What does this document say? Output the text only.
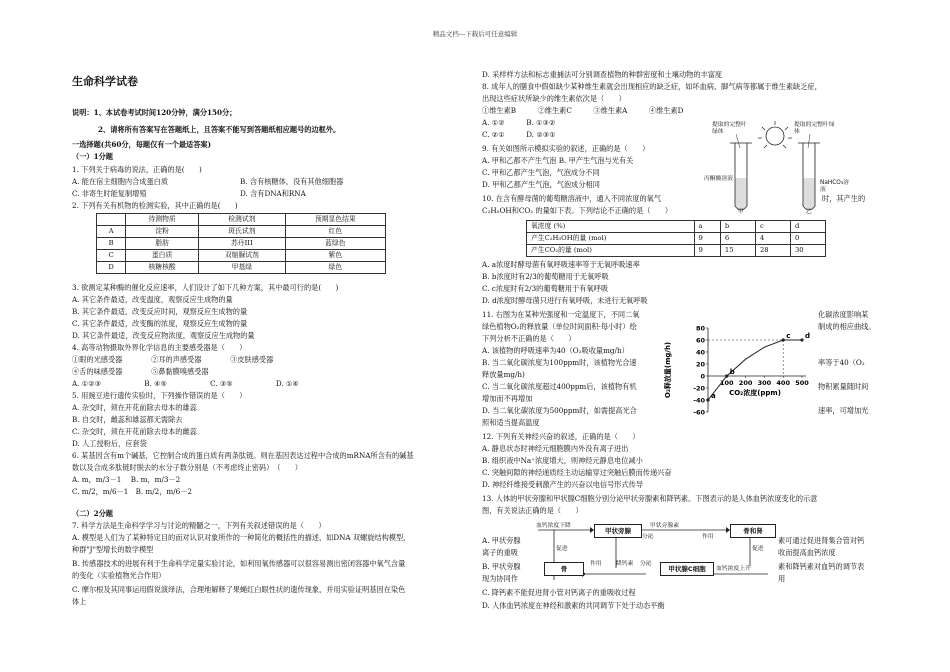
精品文档---下载后可任意编辑
生命科学试卷
说明：1、本试卷考试时间120分钟，满分150分；
2、请将所有答案写在答题纸上，且答案不能写到答题纸相应题号的边框外。
一选择题(共60分，每题仅有一个最适答案)
（一）1分题
1. 下列关于病毒的说法，正确的是(　　)
A. 能在宿主细胞内合成蛋白质	B. 含有核糖体，没有其他细胞器
C. 非寄生时能复制增殖	D. 含有DNA和RNA
2. 下列有关有机物的检测实验，其中正确的是(　　)
	待测物质	检测试剂	预期显色结果
A	淀粉	斑氏试剂	红色
B	脂肪	苏丹III	蓝绿色
C	蛋白质	双缩脲试剂	紫色
D	核糖核酸	甲基绿	绿色
3. 欲测定某种酶的催化反应速率，人们设计了如下几种方案，其中最可行的是(　　)
A. 其它条件最适，改变温度，观察反应生成物的量
B. 其它条件最适，改变反应时间，观察反应生成物的量
C. 其它条件最适，改变酶的浓度，观察反应生成物的量
D. 其它条件最适，改变反应物浓度，观察反应生成物的量
4. 高等动物摄取外界化学信息的主要感受器是（　　）
①眼的光感受器　　　　②耳的声感受器　　　　③皮肤感受器
④舌的味感受器　　　　⑤鼻黏膜嗅感受器
A. ①②③　　　　　　B. ④⑤　　　　　　C. ③⑤　　　　　　D. ①④
5. 用豌豆进行遗传实验时，下列操作错误的是（　　）
A. 杂交时，须在开花前除去母本的雄蕊
B. 自交时，雌蕊和雄蕊都无需除去
C. 杂交时，须在开花前除去母本的雌蕊
D. 人工授粉后，应套袋
6. 某基因含有m个碱基，它控制合成的蛋白质有两条肽链。则在基因表达过程中合成的mRNA所含有的碱基
数以及合成多肽链时脱去的水分子数分别是（不考虑终止密码）　（　　）
A. m，m/3－1　 B. m，m/3－2
C. m/2，m/6－1　B. m/2，m/6－2
（二）2分题
7. 科学方法是生命科学学习与讨论的精髓之一，下列有关叙述错误的是（　　）
A. 模型是人们为了某种特定目的而对认识对象所作的一种简化的概括性的描述，如DNA 双螺旋结构模型，
种群"J"型增长的数学模型
B. 传感器技术的进展有利于生命科学定量实验讨论，如利用氧传感器可以很容易测出密闭容器中氧气含量
的变化（实验植物光合作用）
C. 摩尔根及其同事运用假说演绎法，合理地解释了果蝇红白眼性状的遗传现象，并用实验证明基因在染色
体上
D. 采样样方法和标志重捕法可分别调查植物的种群密度和土壤动物的丰富度
8. 成年人的膳食中假如缺少某种维生素就会出现相应的缺乏症，如坏血病、脚气病等都属于维生素缺乏症，
出现这些症状所缺少的维生素依次是（　　）
①维生素B　　　②维生素C　　　③维生素A　　　④维生素D
A. ①②　　　B. ①③②
C. ②①　　　D. ②③①
9. 有关如图所示模拟实验的叙述，正确的是（　　）
A. 甲和乙都不产生气泡 B. 甲产生气泡与光有关
C. 甲和乙都产生气泡，气泡成分不同
D. 甲和乙都产生气泡，气泡成分相同
10. 在含有酵母菌的葡萄糖溶液中，通入不同浓度的氧气
C₂H₅OH和CO₂ 的量如下表。下列结论不正确的是（　　）
时，其产生的
提取的完整叶绿体
提取的完整叶绿体
丙酮酸溶液
NaHCO₃溶液
甲	乙
氧浓度 (%)	a	b	c	d
产生C₂H₅OH的量 (mol)	9	6	4	0
产生CO₂的量 (mol)	9	15	28	30
A. a浓度时酵母菌有氧呼吸速率等于无氧呼吸速率
B. b浓度时有2/3的葡萄糖用于无氧呼吸
C. c浓度时有2/3的葡萄糖用于有氧呼吸
D. d浓度时酵母菌只进行有氧呼吸，未进行无氧呼吸
11. 右图为在某种光强度和一定温度下，不同二氧
绿色植物O₂的释放量（单位时间面积·每小时）绘
下列分析不正确的是（　　）
A. 该植物的呼吸速率为40（O₂吸收量mg/h）
B. 当二氧化碳浓度为100ppm时，该植物光合速
释放量mg/h)
C. 当二氧化碳浓度超过400ppm后，该植物有机
增加而不再增加
D. 当二氧化碳浓度为500ppm时，如需提高光合
照和适当提高温度
12. 下列有关神经兴奋的叙述，正确的是（　　）
A. 静息状态时神经元细胞膜内外没有离子进出
B. 组织液中Na⁺浓度增大，则神经元静息电位减小
C. 突触间隙的神经递质经主动运输穿过突触后膜而传递兴奋
D. 神经纤维接受刺激产生的兴奋以电信号形式传导
13. 人体的甲状旁腺和甲状腺C细胞分别分泌甲状旁腺素和降钙素。下图表示的是人体血钙浓度变化的示意
图，有关说法正确的是（　　）
化碳浓度影响某
制成的相应曲线。
率等于40（O₂
物积累量随时间
速率，可增加光
80
60
40
20
0
-20
-40
-60
100 200 300 400 500
CO₂浓度(ppm)
O₂释放量(mg/h)	a
b
c d
血钙浓度下降
甲状旁腺
甲状旁腺素
分泌	作用
骨和肾
促进	促进
骨
作用 降钙素 分泌
甲状腺C细胞	血钙浓度上升
A. 甲状旁腺
离子的重吸
B. 甲状旁腺
现为协同作
C. 降钙素不能促进肾小管对钙离子的重吸收过程
D. 人体血钙浓度在神经和激素的共同调节下处于动态平衡
素可通过促进肾集合管对钙
收而提高血钙浓度
素和降钙素对血钙的调节表
用
